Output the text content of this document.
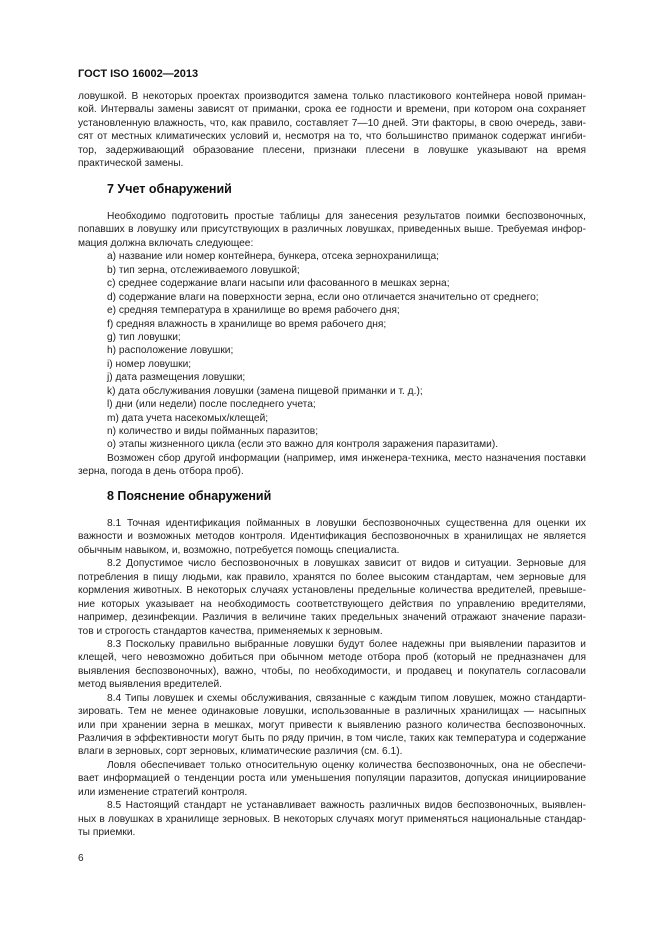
ГОСТ ISO 16002—2013
ловушкой. В некоторых проектах производится замена только пластикового контейнера новой приман-
кой. Интервалы замены зависят от приманки, срока ее годности и времени, при котором она сохраняет
установленную влажность, что, как правило, составляет 7—10 дней. Эти факторы, в свою очередь, зави-
сят от местных климатических условий и, несмотря на то, что большинство приманок содержат ингиби-
тор, задерживающий образование плесени, признаки плесени в ловушке указывают на время
практической замены.
7 Учет обнаружений
Необходимо подготовить простые таблицы для занесения результатов поимки беспозвоночных,
попавших в ловушку или присутствующих в различных ловушках, приведенных выше. Требуемая инфор-
мация должна включать следующее:
a) название или номер контейнера, бункера, отсека зернохранилища;
b) тип зерна, отслеживаемого ловушкой;
c) среднее содержание влаги насыпи или фасованного в мешках зерна;
d) содержание влаги на поверхности зерна, если оно отличается значительно от среднего;
e) средняя температура в хранилище во время рабочего дня;
f) средняя влажность в хранилище во время рабочего дня;
g) тип ловушки;
h) расположение ловушки;
i) номер ловушки;
j) дата размещения ловушки;
k) дата обслуживания ловушки (замена пищевой приманки и т. д.);
l) дни (или недели) после последнего учета;
m) дата учета насекомых/клещей;
n) количество и виды пойманных паразитов;
o) этапы жизненного цикла (если это важно для контроля заражения паразитами).
Возможен сбор другой информации (например, имя инженера-техника, место назначения поставки
зерна, погода в день отбора проб).
8 Пояснение обнаружений
8.1 Точная идентификация пойманных в ловушки беспозвоночных существенна для оценки их
важности и возможных методов контроля. Идентификация беспозвоночных в хранилищах не является
обычным навыком, и, возможно, потребуется помощь специалиста.
8.2 Допустимое число беспозвоночных в ловушках зависит от видов и ситуации. Зерновые для
потребления в пищу людьми, как правило, хранятся по более высоким стандартам, чем зерновые для
кормления животных. В некоторых случаях установлены предельные количества вредителей, превыше-
ние которых указывает на необходимость соответствующего действия по управлению вредителями,
например, дезинфекции. Различия в величине таких предельных значений отражают значение парази-
тов и строгость стандартов качества, применяемых к зерновым.
8.3 Поскольку правильно выбранные ловушки будут более надежны при выявлении паразитов и
клещей, чего невозможно добиться при обычном методе отбора проб (который не предназначен для
выявления беспозвоночных), важно, чтобы, по необходимости, и продавец и покупатель согласовали
метод выявления вредителей.
8.4 Типы ловушек и схемы обслуживания, связанные с каждым типом ловушек, можно стандарти-
зировать. Тем не менее одинаковые ловушки, использованные в различных хранилищах — насыпных
или при хранении зерна в мешках, могут привести к выявлению разного количества беспозвоночных.
Различия в эффективности могут быть по ряду причин, в том числе, таких как температура и содержание
влаги в зерновых, сорт зерновых, климатические различия (см. 6.1).
Ловля обеспечивает только относительную оценку количества беспозвоночных, она не обеспечи-
вает информацией о тенденции роста или уменьшения популяции паразитов, допуская инициирование
или изменение стратегий контроля.
8.5 Настоящий стандарт не устанавливает важность различных видов беспозвоночных, выявлен-
ных в ловушках в хранилище зерновых. В некоторых случаях могут применяться национальные стандар-
ты приемки.
6
